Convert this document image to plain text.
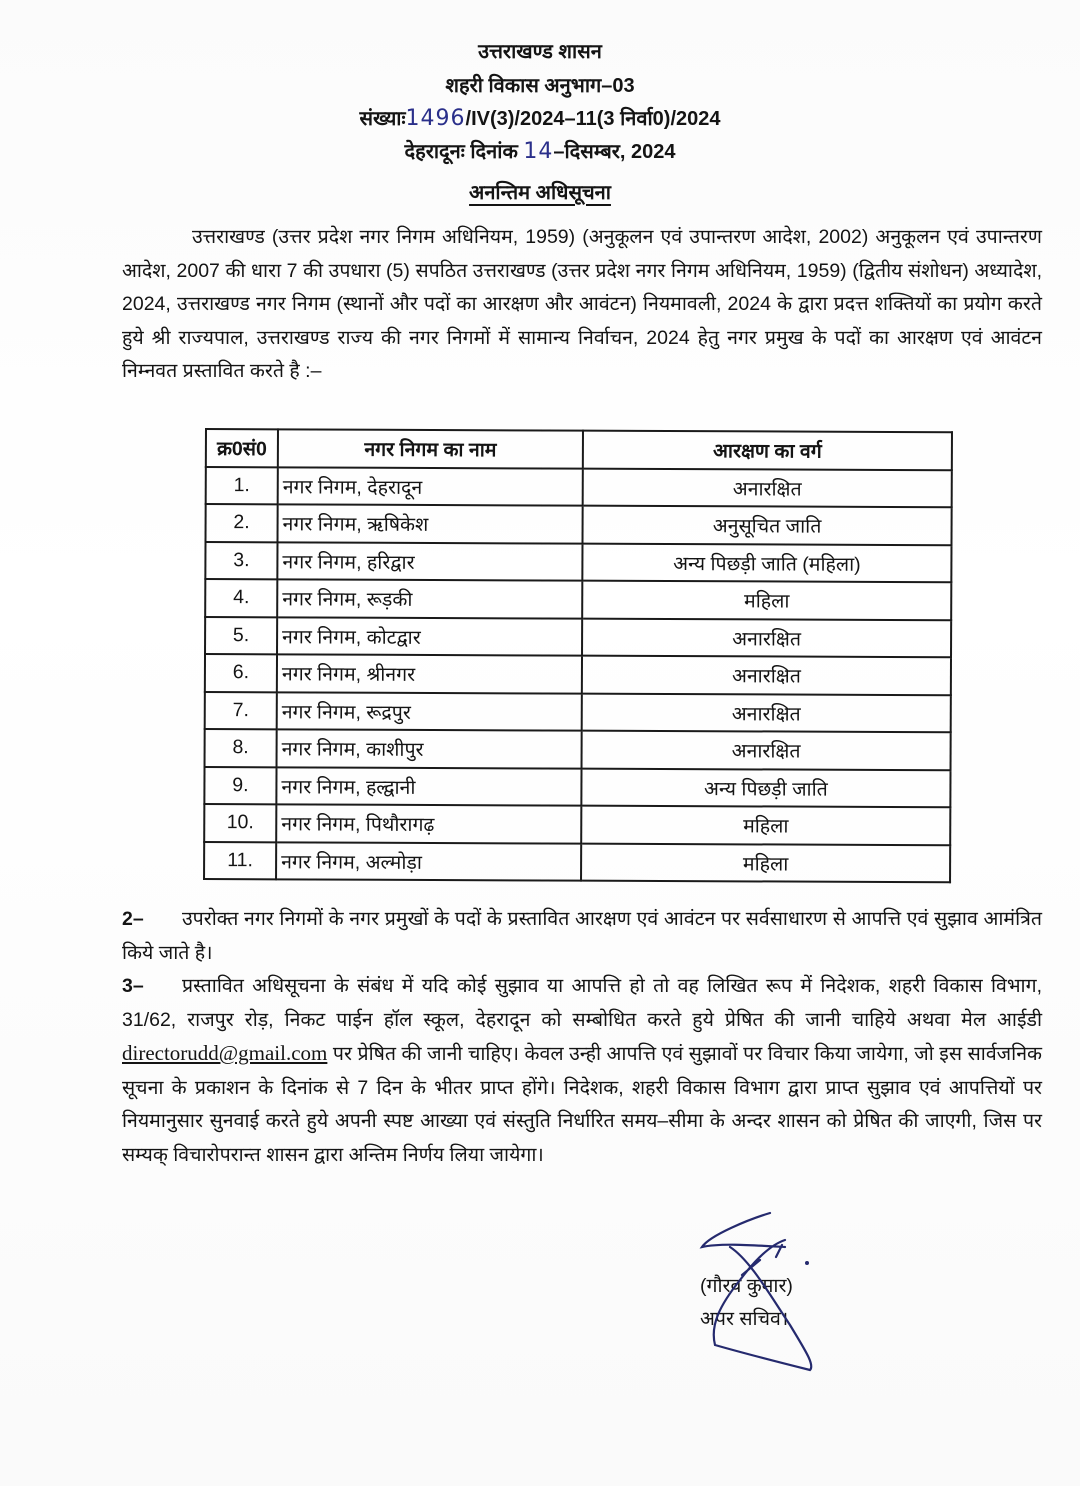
उत्तराखण्ड शासन
शहरी विकास अनुभाग–03
संख्याः1496/IV(3)/2024–11(3 निर्वा0)/2024
देहरादूनः दिनांक 14–दिसम्बर, 2024
अनन्तिम अधिसूचना
उत्तराखण्ड (उत्तर प्रदेश नगर निगम अधिनियम, 1959) (अनुकूलन एवं उपान्तरण आदेश, 2002) अनुकूलन एवं उपान्तरण आदेश, 2007 की धारा 7 की उपधारा (5) सपठित उत्तराखण्ड (उत्तर प्रदेश नगर निगम अधिनियम, 1959) (द्वितीय संशोधन) अध्यादेश, 2024, उत्तराखण्ड नगर निगम (स्थानों और पदों का आरक्षण और आवंटन) नियमावली, 2024 के द्वारा प्रदत्त शक्तियों का प्रयोग करते हुये श्री राज्यपाल, उत्तराखण्ड राज्य की नगर निगमों में सामान्य निर्वाचन, 2024 हेतु नगर प्रमुख के पदों का आरक्षण एवं आवंटन निम्नवत प्रस्तावित करते है :–
क्र0सं0	नगर निगम का नाम	आरक्षण का वर्ग
1.	नगर निगम, देहरादून	अनारक्षित
2.	नगर निगम, ऋषिकेश	अनुसूचित जाति
3.	नगर निगम, हरिद्वार	अन्य पिछड़ी जाति (महिला)
4.	नगर निगम, रूड़की	महिला
5.	नगर निगम, कोटद्वार	अनारक्षित
6.	नगर निगम, श्रीनगर	अनारक्षित
7.	नगर निगम, रूद्रपुर	अनारक्षित
8.	नगर निगम, काशीपुर	अनारक्षित
9.	नगर निगम, हल्द्वानी	अन्य पिछड़ी जाति
10.	नगर निगम, पिथौरागढ़	महिला
11.	नगर निगम, अल्मोड़ा	महिला
2– उपरोक्त नगर निगमों के नगर प्रमुखों के पदों के प्रस्तावित आरक्षण एवं आवंटन पर सर्वसाधारण से आपत्ति एवं सुझाव आमंत्रित किये जाते है।
3– प्रस्तावित अधिसूचना के संबंध में यदि कोई सुझाव या आपत्ति हो तो वह लिखित रूप में निदेशक, शहरी विकास विभाग, 31/62, राजपुर रोड़, निकट पाईन हॉल स्कूल, देहरादून को सम्बोधित करते हुये प्रेषित की जानी चाहिये अथवा मेल आईडी directorudd@gmail.com पर प्रेषित की जानी चाहिए। केवल उन्ही आपत्ति एवं सुझावों पर विचार किया जायेगा, जो इस सार्वजनिक सूचना के प्रकाशन के दिनांक से 7 दिन के भीतर प्राप्त होंगे। निदेशक, शहरी विकास विभाग द्वारा प्राप्त सुझाव एवं आपत्तियों पर नियमानुसार सुनवाई करते हुये अपनी स्पष्ट आख्या एवं संस्तुति निर्धारित समय–सीमा के अन्दर शासन को प्रेषित की जाएगी, जिस पर सम्यक् विचारोपरान्त शासन द्वारा अन्तिम निर्णय लिया जायेगा।
(गौरव कुमार)
अपर सचिव।
